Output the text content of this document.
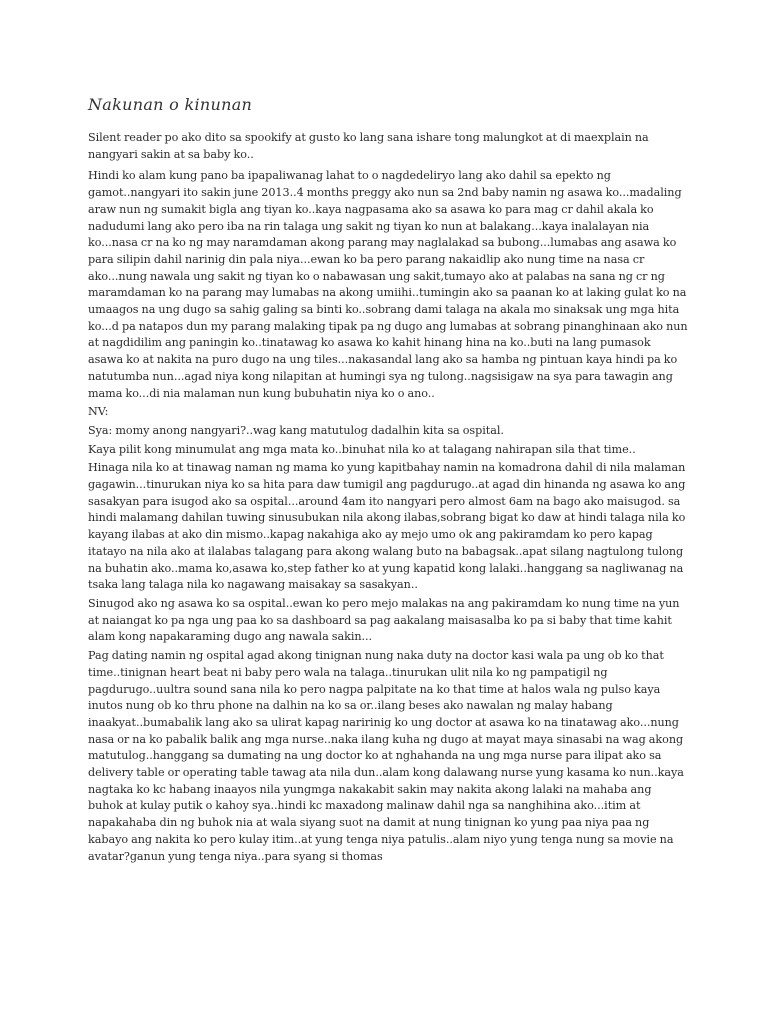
Nakunan o kinunan

Silent reader po ako dito sa spookify at gusto ko lang sana ishare tong malungkot at di maexplain na nangyari sakin at sa baby ko..

Hindi ko alam kung pano ba ipapaliwanag lahat to o nagdedeliryo lang ako dahil sa epekto ng gamot..nangyari ito sakin june 2013..4 months preggy ako nun sa 2nd baby namin ng asawa ko...madaling araw nun ng sumakit bigla ang tiyan ko..kaya nagpasama ako sa asawa ko para mag cr dahil akala ko nadudumi lang ako pero iba na rin talaga ung sakit ng tiyan ko nun at balakang...kaya inalalayan nia ko...nasa cr na ko ng may naramdaman akong parang may naglalakad sa bubong...lumabas ang asawa ko para silipin dahil narinig din pala niya...ewan ko ba pero parang nakaidlip ako nung time na nasa cr ako...nung nawala ung sakit ng tiyan ko o nabawasan ung sakit,tumayo ako at palabas na sana ng cr ng maramdaman ko na parang may lumabas na akong umiihi..tumingin ako sa paanan ko at laking gulat ko na umaagos na ung dugo sa sahig galing sa binti ko..sobrang dami talaga na akala mo sinaksak ung mga hita ko...d pa natapos dun my parang malaking tipak pa ng dugo ang lumabas at sobrang pinanghinaan ako nun at nagdidilim ang paningin ko..tinatawag ko asawa ko kahit hinang hina na ko..buti na lang pumasok asawa ko at nakita na puro dugo na ung tiles...nakasandal lang ako sa hamba ng pintuan kaya hindi pa ko natutumba nun...agad niya kong nilapitan at humingi sya ng tulong..nagsisigaw na sya para tawagin ang mama ko...di nia malaman nun kung bubuhatin niya ko o ano..

NV:

Sya: momy anong nangyari?..wag kang matutulog dadalhin kita sa ospital.

Kaya pilit kong minumulat ang mga mata ko..binuhat nila ko at talagang nahirapan sila that time..

Hinaga nila ko at tinawag naman ng mama ko yung kapitbahay namin na komadrona dahil di nila malaman gagawin...tinurukan niya ko sa hita para daw tumigil ang pagdurugo..at agad din hinanda ng asawa ko ang sasakyan para isugod ako sa ospital...around 4am ito nangyari pero almost 6am na bago ako maisugod. sa hindi malamang dahilan tuwing sinusubukan nila akong ilabas,sobrang bigat ko daw at hindi talaga nila ko kayang ilabas at ako din mismo..kapag nakahiga ako ay mejo umo ok ang pakiramdam ko pero kapag itatayo na nila ako at ilalabas talagang para akong walang buto na babagsak..apat silang nagtulong tulong na buhatin ako..mama ko,asawa ko,step father ko at yung kapatid kong lalaki..hanggang sa nagliwanag na tsaka lang talaga nila ko nagawang maisakay sa sasakyan..

Sinugod ako ng asawa ko sa ospital..ewan ko pero mejo malakas na ang pakiramdam ko nung time na yun at naiangat ko pa nga ung paa ko sa dashboard sa pag aakalang maisasalba ko pa si baby that time kahit alam kong napakaraming dugo ang nawala sakin...

Pag dating namin ng ospital agad akong tinignan nung naka duty na doctor kasi wala pa ung ob ko that time..tinignan heart beat ni baby pero wala na talaga..tinurukan ulit nila ko ng pampatigil ng pagdurugo..uultra sound sana nila ko pero nagpa palpitate na ko that time at halos wala ng pulso kaya inutos nung ob ko thru phone na dalhin na ko sa or..ilang beses ako nawalan ng malay habang inaakyat..bumabalik lang ako sa ulirat kapag naririnig ko ung doctor at asawa ko na tinatawag ako...nung nasa or na ko pabalik balik ang mga nurse..naka ilang kuha ng dugo at mayat maya sinasabi na wag akong matutulog..hanggang sa dumating na ung doctor ko at nghahanda na ung mga nurse para ilipat ako sa delivery table or operating table tawag ata nila dun..alam kong dalawang nurse yung kasama ko nun..kaya nagtaka ko kc habang inaayos nila yungmga nakakabit sakin may nakita akong lalaki na mahaba ang buhok at kulay putik o kahoy sya..hindi kc maxadong malinaw dahil nga sa nanghihina ako...itim at napakahaba din ng buhok nia at wala siyang suot na damit at nung tinignan ko yung paa niya paa ng kabayo ang nakita ko pero kulay itim..at yung tenga niya patulis..alam niyo yung tenga nung sa movie na avatar?ganun yung tenga niya..para syang si thomas
